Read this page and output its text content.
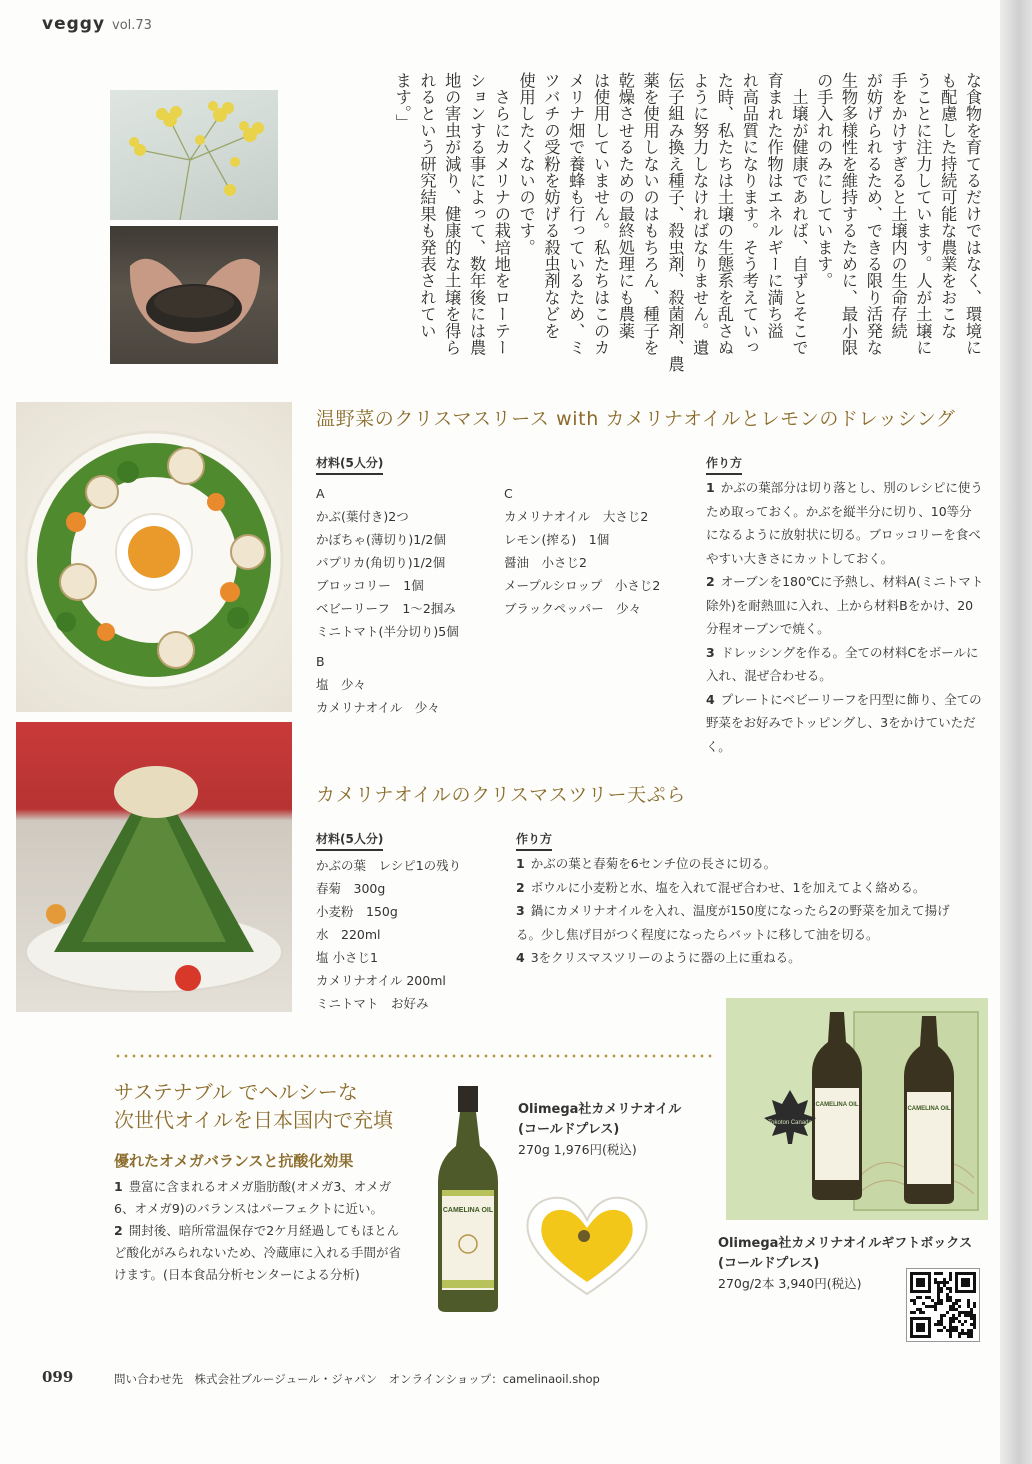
veggy vol.73
な食物を育てるだけではなく、環境に
も配慮した持続可能な農業をおこな
うことに注力しています。人が土壌に
手をかけすぎると土壌内の生命存続
が妨げられるため、できる限り活発な
生物多様性を維持するために、最小限
の手入れのみにしています。
　土壌が健康であれば、自ずとそこで
育まれた作物はエネルギーに満ち溢
れ高品質になります。そう考えていっ
た時、私たちは土壌の生態系を乱さぬ
ように努力しなければなりません。遺
伝子組み換え種子、殺虫剤、殺菌剤、農
薬を使用しないのはもちろん、種子を
乾燥させるための最終処理にも農薬
は使用していません。私たちはこのカ
メリナ畑で養蜂も行っているため、ミ
ツバチの受粉を妨げる殺虫剤などを
使用したくないのです。
　さらにカメリナの栽培地をローテー
ションする事によって、数年後には農
地の害虫が減り、健康的な土壌を得ら
れるという研究結果も発表されてい
ます。」
温野菜のクリスマスリース with カメリナオイルとレモンのドレッシング
材料(5人分)
A
かぶ(葉付き)2つ
かぼちゃ(薄切り)1/2個
パプリカ(角切り)1/2個
ブロッコリー　1個
ベビーリーフ　1〜2掴み
ミニトマト(半分切り)5個
B
塩　少々
カメリナオイル　少々
C
カメリナオイル　大さじ2
レモン(搾る)　1個
醤油　小さじ2
メープルシロップ　小さじ2
ブラックペッパー　少々
作り方
1 かぶの葉部分は切り落とし、別のレシピに使うため取っておく。かぶを縦半分に切り、10等分になるように放射状に切る。ブロッコリーを食べやすい大きさにカットしておく。
2 オーブンを180℃に予熱し、材料A(ミニトマト除外)を耐熱皿に入れ、上から材料Bをかけ、20分程オーブンで焼く。
3 ドレッシングを作る。全ての材料Cをボールに入れ、混ぜ合わせる。
4 プレートにベビーリーフを円型に飾り、全ての野菜をお好みでトッピングし、3をかけていただく。
カメリナオイルのクリスマスツリー天ぷら
材料(5人分)
かぶの葉　レシピ1の残り
春菊　300g
小麦粉　150g
水　220ml
塩 小さじ1
カメリナオイル 200ml
ミニトマト　お好み
作り方
1 かぶの葉と春菊を6センチ位の長さに切る。
2 ボウルに小麦粉と水、塩を入れて混ぜ合わせ、1を加えてよく絡める。
3 鍋にカメリナオイルを入れ、温度が150度になったら2の野菜を加えて揚げる。少し焦げ目がつく程度になったらバットに移して油を切る。
4 3をクリスマスツリーのように器の上に重ねる。
サステナブル でヘルシーな
次世代オイルを日本国内で充填
優れたオメガバランスと抗酸化効果
1 豊富に含まれるオメガ脂肪酸(オメガ3、オメガ6、オメガ9)のバランスはパーフェクトに近い。
2 開封後、暗所常温保存で2ケ月経過してもほとんど酸化がみられないため、冷蔵庫に入れる手間が省けます。(日本食品分析センターによる分析)
CAMELINA OIL
Olimega社カメリナオイル
(コールドプレス)
270g 1,976円(税込)
CAMELINA OIL
CAMELINA OIL
Tokoton Canada
Olimega社カメリナオイルギフトボックス
(コールドプレス)
270g/2本 3,940円(税込)
099	問い合わせ先　株式会社ブルージュール・ジャパン　オンラインショップ：camelinaoil.shop
